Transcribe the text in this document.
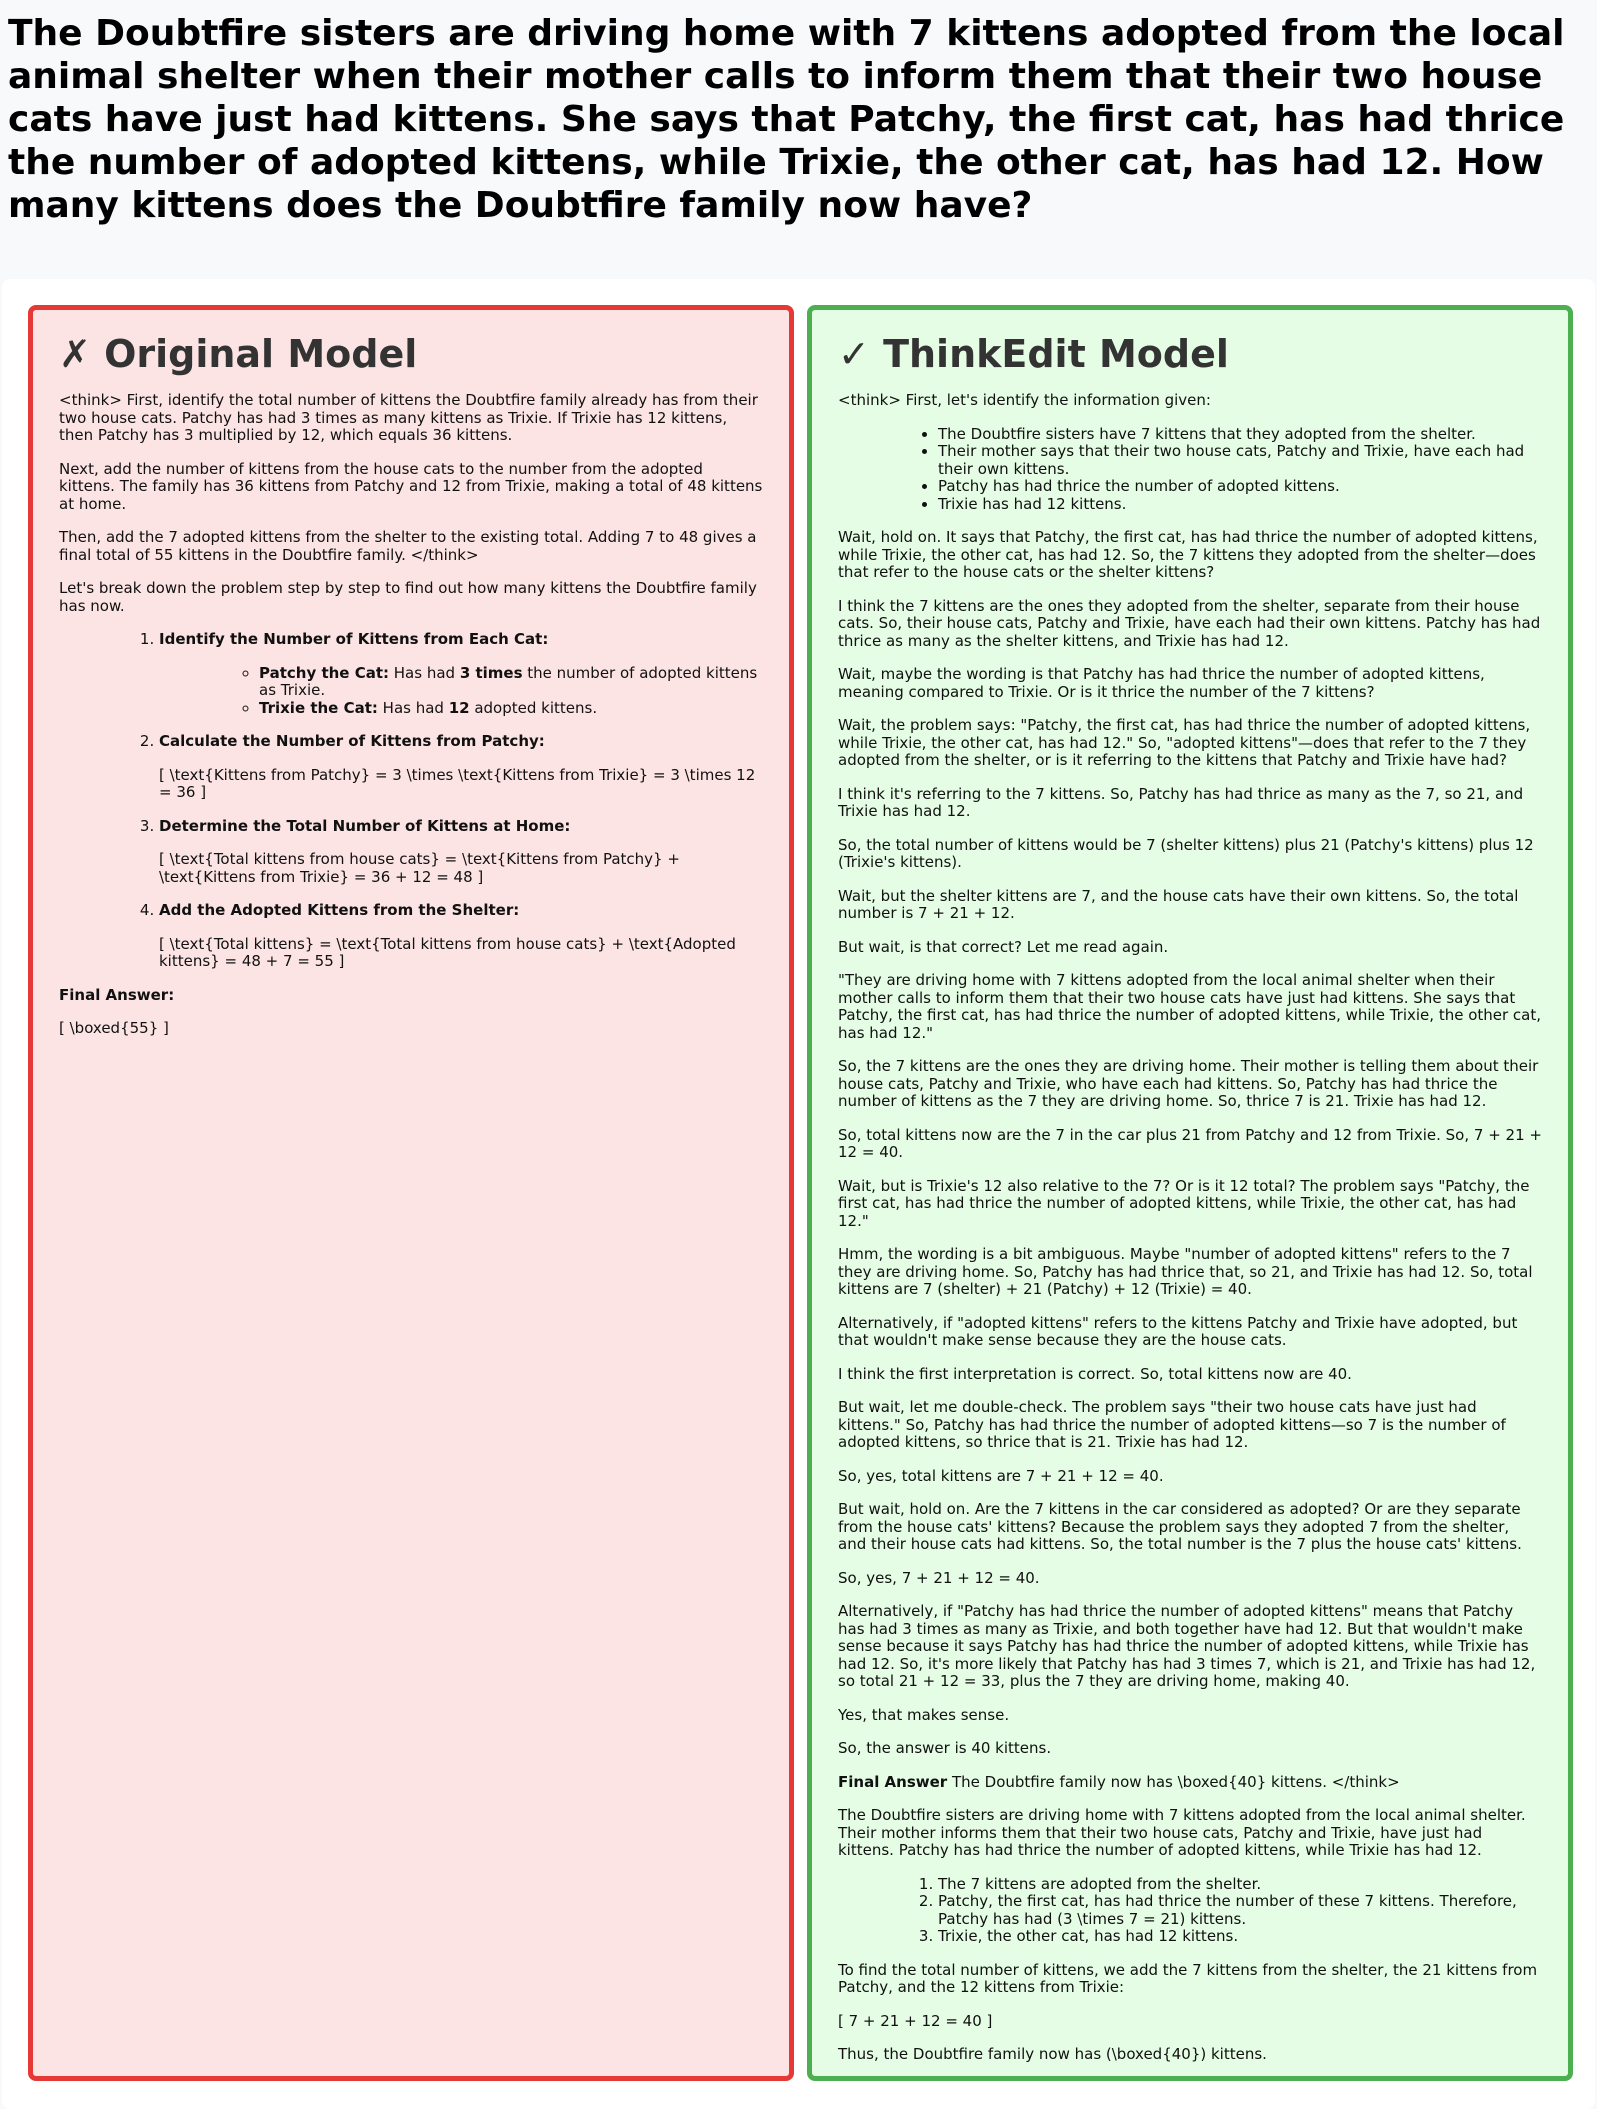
The Doubtfire sisters are driving home with 7 kittens adopted from the local animal shelter when their mother calls to inform them that their two house cats have just had kittens. She says that Patchy, the first cat, has had thrice the number of adopted kittens, while Trixie, the other cat, has had 12. How many kittens does the Doubtfire family now have?
✗ Original Model

<think> First, identify the total number of kittens the Doubtfire family already has from their two house cats. Patchy has had 3 times as many kittens as Trixie. If Trixie has 12 kittens, then Patchy has 3 multiplied by 12, which equals 36 kittens.

Next, add the number of kittens from the house cats to the number from the adopted kittens. The family has 36 kittens from Patchy and 12 from Trixie, making a total of 48 kittens at home.

Then, add the 7 adopted kittens from the shelter to the existing total. Adding 7 to 48 gives a final total of 55 kittens in the Doubtfire family. </think>

Let's break down the problem step by step to find out how many kittens the Doubtfire family has now.

1. Identify the Number of Kittens from Each Cat:
◦ Patchy the Cat: Has had 3 times the number of adopted kittens as Trixie.
◦ Trixie the Cat: Has had 12 adopted kittens.
2. Calculate the Number of Kittens from Patchy:

[ \text{Kittens from Patchy} = 3 \times \text{Kittens from Trixie} = 3 \times 12 = 36 ]

3. Determine the Total Number of Kittens at Home:

[ \text{Total kittens from house cats} = \text{Kittens from Patchy} + \text{Kittens from Trixie} = 36 + 12 = 48 ]

4. Add the Adopted Kittens from the Shelter:

[ \text{Total kittens} = \text{Total kittens from house cats} + \text{Adopted kittens} = 48 + 7 = 55 ]

Final Answer:

[ \boxed{55} ]

✓ ThinkEdit Model

<think> First, let's identify the information given:

• The Doubtfire sisters have 7 kittens that they adopted from the shelter.
• Their mother says that their two house cats, Patchy and Trixie, have each had their own kittens.
• Patchy has had thrice the number of adopted kittens.
• Trixie has had 12 kittens.

Wait, hold on. It says that Patchy, the first cat, has had thrice the number of adopted kittens, while Trixie, the other cat, has had 12. So, the 7 kittens they adopted from the shelter—does that refer to the house cats or the shelter kittens?

I think the 7 kittens are the ones they adopted from the shelter, separate from their house cats. So, their house cats, Patchy and Trixie, have each had their own kittens. Patchy has had thrice as many as the shelter kittens, and Trixie has had 12.

Wait, maybe the wording is that Patchy has had thrice the number of adopted kittens, meaning compared to Trixie. Or is it thrice the number of the 7 kittens?

Wait, the problem says: "Patchy, the first cat, has had thrice the number of adopted kittens, while Trixie, the other cat, has had 12." So, "adopted kittens"—does that refer to the 7 they adopted from the shelter, or is it referring to the kittens that Patchy and Trixie have had?

I think it's referring to the 7 kittens. So, Patchy has had thrice as many as the 7, so 21, and Trixie has had 12.

So, the total number of kittens would be 7 (shelter kittens) plus 21 (Patchy's kittens) plus 12 (Trixie's kittens).

Wait, but the shelter kittens are 7, and the house cats have their own kittens. So, the total number is 7 + 21 + 12.

But wait, is that correct? Let me read again.

"They are driving home with 7 kittens adopted from the local animal shelter when their mother calls to inform them that their two house cats have just had kittens. She says that Patchy, the first cat, has had thrice the number of adopted kittens, while Trixie, the other cat, has had 12."

So, the 7 kittens are the ones they are driving home. Their mother is telling them about their house cats, Patchy and Trixie, who have each had kittens. So, Patchy has had thrice the number of kittens as the 7 they are driving home. So, thrice 7 is 21. Trixie has had 12.

So, total kittens now are the 7 in the car plus 21 from Patchy and 12 from Trixie. So, 7 + 21 + 12 = 40.

Wait, but is Trixie's 12 also relative to the 7? Or is it 12 total? The problem says "Patchy, the first cat, has had thrice the number of adopted kittens, while Trixie, the other cat, has had 12."

Hmm, the wording is a bit ambiguous. Maybe "number of adopted kittens" refers to the 7 they are driving home. So, Patchy has had thrice that, so 21, and Trixie has had 12. So, total kittens are 7 (shelter) + 21 (Patchy) + 12 (Trixie) = 40.

Alternatively, if "adopted kittens" refers to the kittens Patchy and Trixie have adopted, but that wouldn't make sense because they are the house cats.

I think the first interpretation is correct. So, total kittens now are 40.

But wait, let me double-check. The problem says "their two house cats have just had kittens." So, Patchy has had thrice the number of adopted kittens—so 7 is the number of adopted kittens, so thrice that is 21. Trixie has had 12.

So, yes, total kittens are 7 + 21 + 12 = 40.

But wait, hold on. Are the 7 kittens in the car considered as adopted? Or are they separate from the house cats' kittens? Because the problem says they adopted 7 from the shelter, and their house cats had kittens. So, the total number is the 7 plus the house cats' kittens.

So, yes, 7 + 21 + 12 = 40.

Alternatively, if "Patchy has had thrice the number of adopted kittens" means that Patchy has had 3 times as many as Trixie, and both together have had 12. But that wouldn't make sense because it says Patchy has had thrice the number of adopted kittens, while Trixie has had 12. So, it's more likely that Patchy has had 3 times 7, which is 21, and Trixie has had 12, so total 21 + 12 = 33, plus the 7 they are driving home, making 40.

Yes, that makes sense.

So, the answer is 40 kittens.

Final Answer The Doubtfire family now has \boxed{40} kittens. </think>

The Doubtfire sisters are driving home with 7 kittens adopted from the local animal shelter. Their mother informs them that their two house cats, Patchy and Trixie, have just had kittens. Patchy has had thrice the number of adopted kittens, while Trixie has had 12.

1. The 7 kittens are adopted from the shelter.
2. Patchy, the first cat, has had thrice the number of these 7 kittens. Therefore, Patchy has had (3 \times 7 = 21) kittens.
3. Trixie, the other cat, has had 12 kittens.

To find the total number of kittens, we add the 7 kittens from the shelter, the 21 kittens from Patchy, and the 12 kittens from Trixie:

[ 7 + 21 + 12 = 40 ]

Thus, the Doubtfire family now has (\boxed{40}) kittens.
